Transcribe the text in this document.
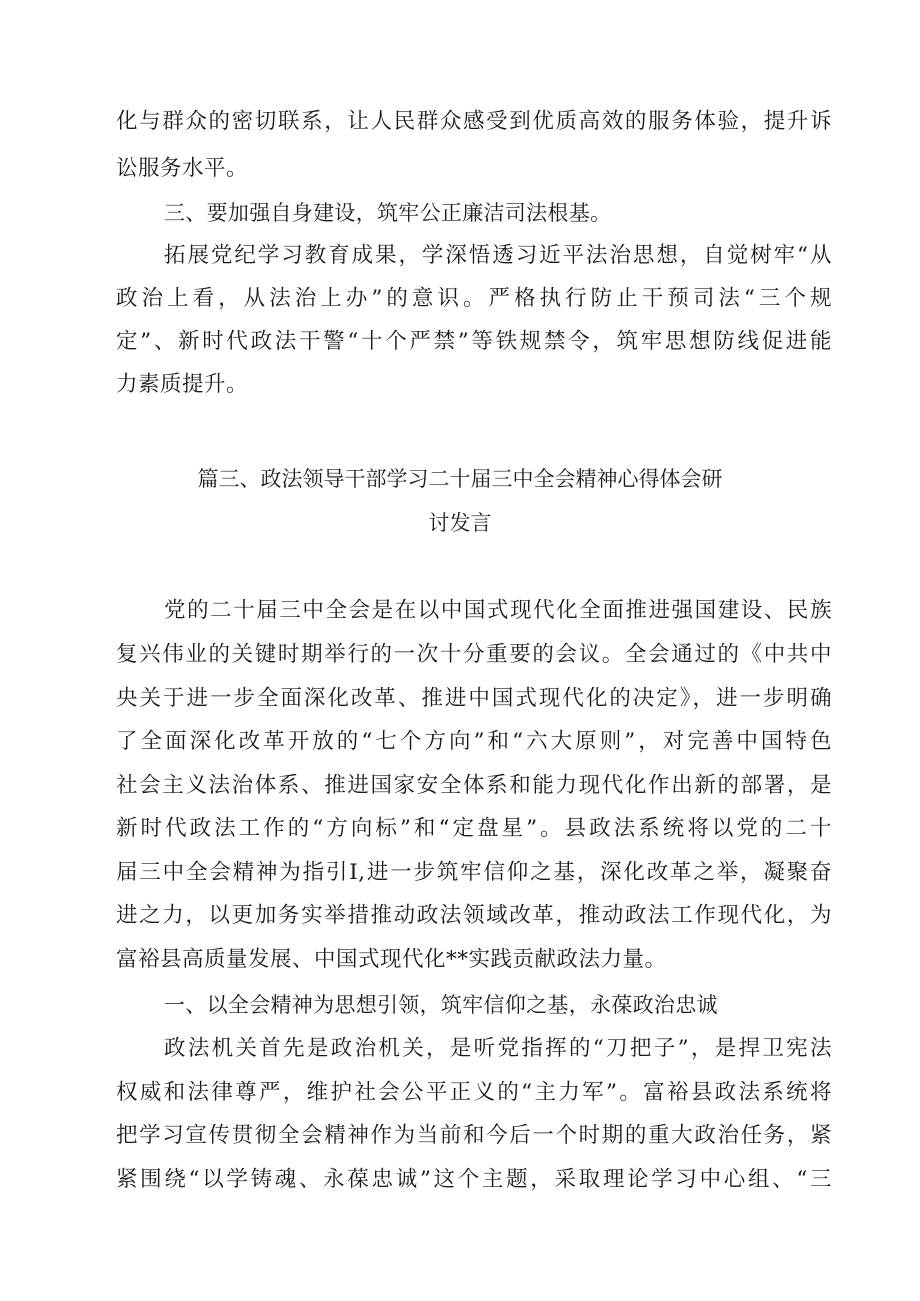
化与群众的密切联系，让人民群众感受到优质高效的服务体验，提升诉
讼服务水平。
三、要加强自身建设，筑牢公正廉洁司法根基。
拓展党纪学习教育成果，学深悟透习近平法治思想，自觉树牢“从
政治上看，从法治上办”的意识。严格执行防止干预司法“三个规
定”、新时代政法干警“十个严禁”等铁规禁令，筑牢思想防线促进能
力素质提升。
篇三、政法领导干部学习二十届三中全会精神心得体会研
讨发言
党的二十届三中全会是在以中国式现代化全面推进强国建设、民族
复兴伟业的关键时期举行的一次十分重要的会议。全会通过的《中共中
央关于进一步全面深化改革、推进中国式现代化的决定》，进一步明确
了全面深化改革开放的“七个方向”和“六大原则”，对完善中国特色
社会主义法治体系、推进国家安全体系和能力现代化作出新的部署，是
新时代政法工作的“方向标”和“定盘星”。县政法系统将以党的二十
届三中全会精神为指引I,进一步筑牢信仰之基，深化改革之举，凝聚奋
进之力，以更加务实举措推动政法领域改革，推动政法工作现代化，为
富裕县高质量发展、中国式现代化**实践贡献政法力量。
一、以全会精神为思想引领，筑牢信仰之基，永葆政治忠诚
政法机关首先是政治机关，是听党指挥的“刀把子”，是捍卫宪法
权威和法律尊严，维护社会公平正义的“主力军”。富裕县政法系统将
把学习宣传贯彻全会精神作为当前和今后一个时期的重大政治任务，紧
紧围绕“以学铸魂、永葆忠诚”这个主题，采取理论学习中心组、“三
